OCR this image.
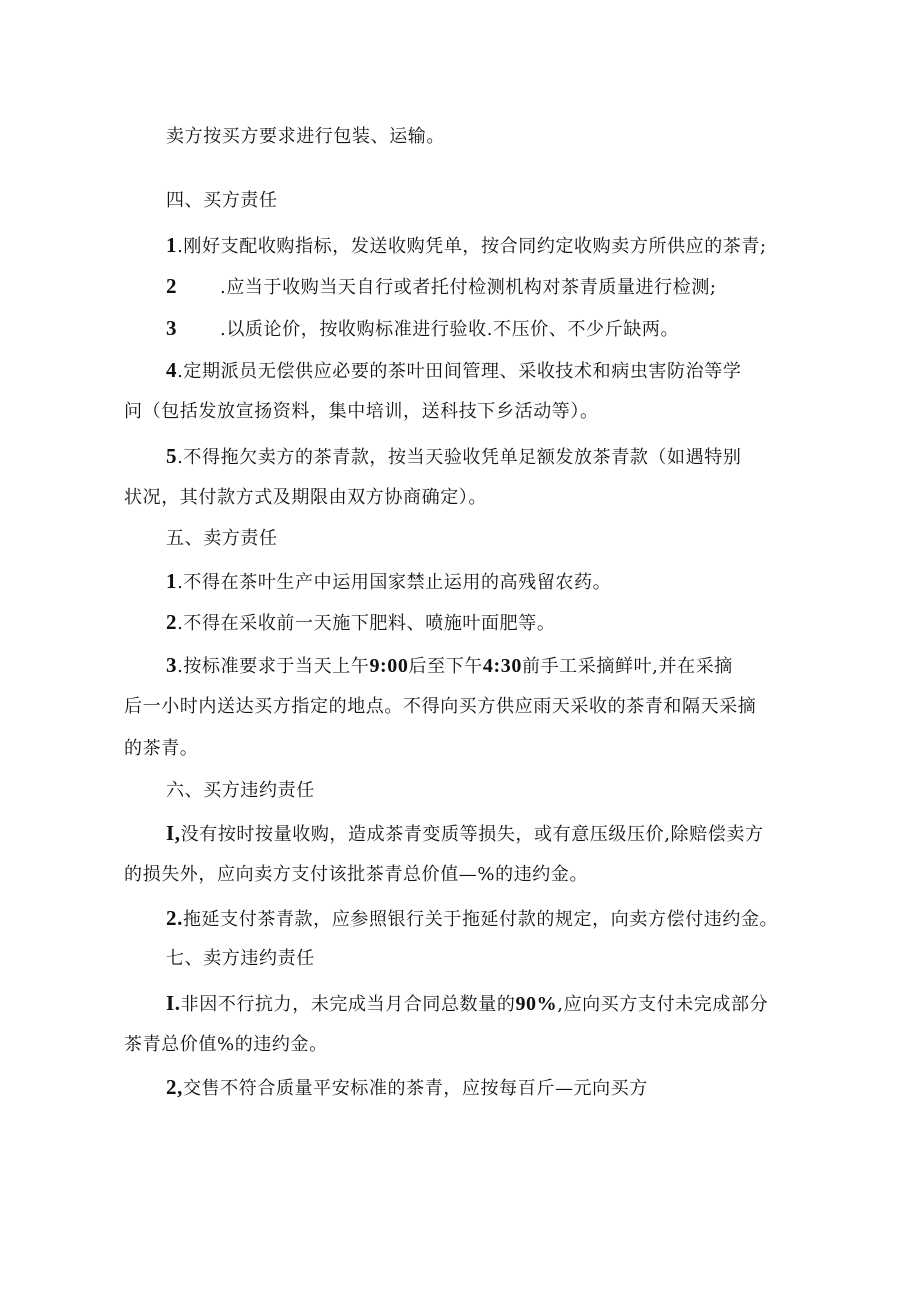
卖方按买方要求进行包装、运输。
四、买方责任
1.刚好支配收购指标，发送收购凭单，按合同约定收购卖方所供应的茶青;
2 .应当于收购当天自行或者托付检测机构对茶青质量进行检测;
3 .以质论价，按收购标准进行验收.不压价、不少斤缺两。
4.定期派员无偿供应必要的茶叶田间管理、采收技术和病虫害防治等学
问（包括发放宣扬资料，集中培训，送科技下乡活动等）。
5.不得拖欠卖方的茶青款，按当天验收凭单足额发放茶青款（如遇特别
状况，其付款方式及期限由双方协商确定）。
五、卖方责任
1.不得在茶叶生产中运用国家禁止运用的高残留农药。
2.不得在采收前一天施下肥料、喷施叶面肥等。
3.按标准要求于当天上午9:00后至下午4:30前手工采摘鲜叶,并在采摘
后一小时内送达买方指定的地点。不得向买方供应雨天采收的茶青和隔天采摘
的茶青。
六、买方违约责任
I,没有按时按量收购，造成茶青变质等损失，或有意压级压价,除赔偿卖方
的损失外，应向卖方支付该批茶青总价值—%的违约金。
2.拖延支付茶青款，应参照银行关于拖延付款的规定，向卖方偿付违约金。
七、卖方违约责任
I.非因不行抗力，未完成当月合同总数量的90%,应向买方支付未完成部分
茶青总价值%的违约金。
2,交售不符合质量平安标准的茶青，应按每百斤—元向买方
